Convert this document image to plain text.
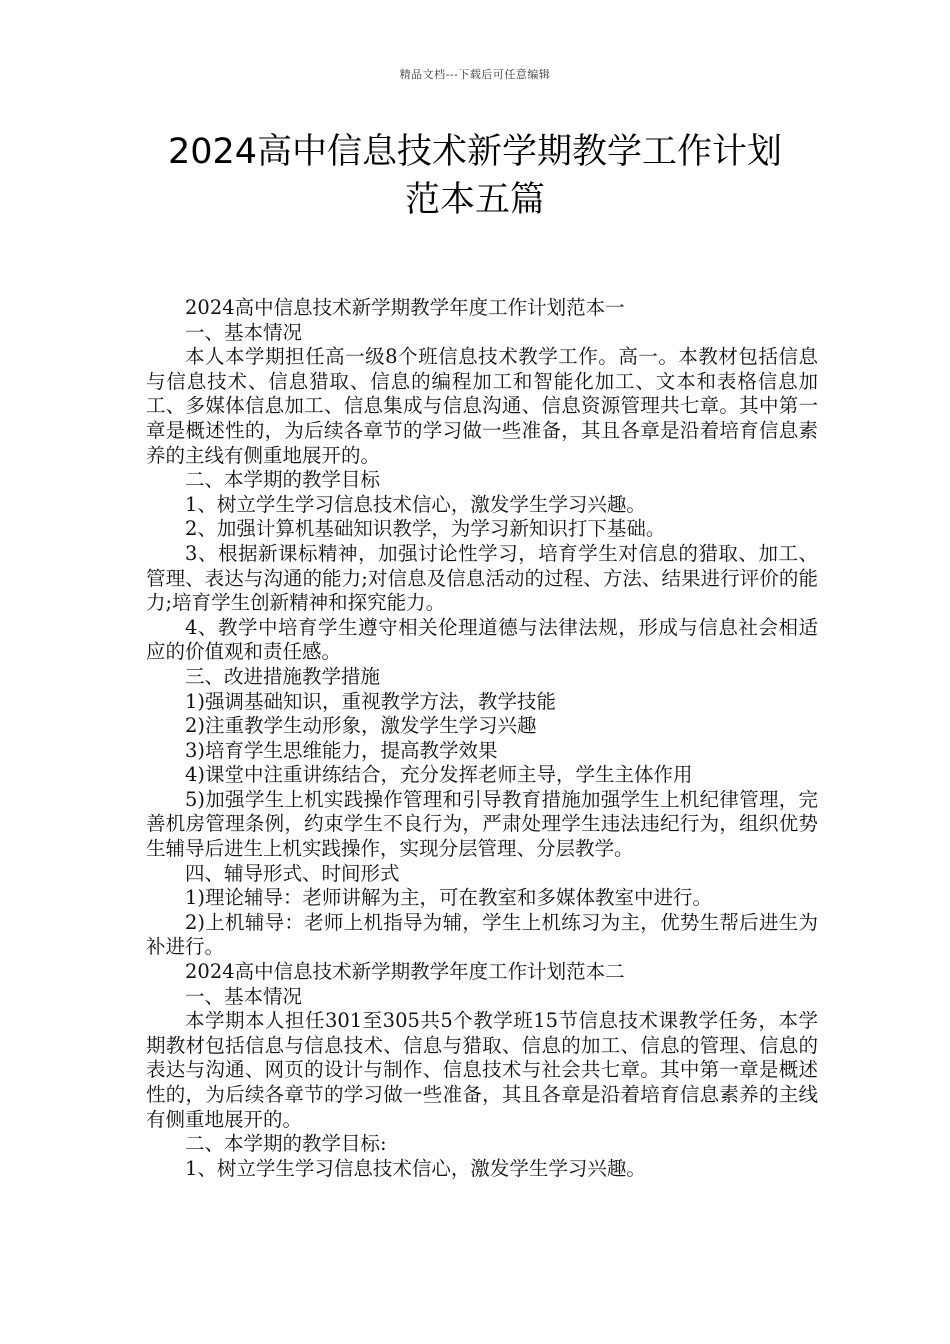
精品文档---下载后可任意编辑
2024高中信息技术新学期教学工作计划
范本五篇

2024高中信息技术新学期教学年度工作计划范本一

一、基本情况

本人本学期担任高一级8个班信息技术教学工作。高一。本教材包括信息与信息技术、信息猎取、信息的编程加工和智能化加工、文本和表格信息加工、多媒体信息加工、信息集成与信息沟通、信息资源管理共七章。其中第一章是概述性的，为后续各章节的学习做一些准备，其且各章是沿着培育信息素养的主线有侧重地展开的。

二、本学期的教学目标

1、树立学生学习信息技术信心，激发学生学习兴趣。

2、加强计算机基础知识教学，为学习新知识打下基础。

3、根据新课标精神，加强讨论性学习，培育学生对信息的猎取、加工、管理、表达与沟通的能力;对信息及信息活动的过程、方法、结果进行评价的能力;培育学生创新精神和探究能力。

4、教学中培育学生遵守相关伦理道德与法律法规，形成与信息社会相适应的价值观和责任感。

三、改进措施教学措施

1)强调基础知识，重视教学方法，教学技能

2)注重教学生动形象，激发学生学习兴趣

3)培育学生思维能力，提高教学效果

4)课堂中注重讲练结合，充分发挥老师主导，学生主体作用

5)加强学生上机实践操作管理和引导教育措施加强学生上机纪律管理，完善机房管理条例，约束学生不良行为，严肃处理学生违法违纪行为，组织优势生辅导后进生上机实践操作，实现分层管理、分层教学。

四、辅导形式、时间形式

1)理论辅导：老师讲解为主，可在教室和多媒体教室中进行。

2)上机辅导：老师上机指导为辅，学生上机练习为主，优势生帮后进生为补进行。

2024高中信息技术新学期教学年度工作计划范本二

一、基本情况

本学期本人担任301至305共5个教学班15节信息技术课教学任务，本学期教材包括信息与信息技术、信息与猎取、信息的加工、信息的管理、信息的表达与沟通、网页的设计与制作、信息技术与社会共七章。其中第一章是概述性的，为后续各章节的学习做一些准备，其且各章是沿着培育信息素养的主线有侧重地展开的。

二、本学期的教学目标:

1、树立学生学习信息技术信心，激发学生学习兴趣。
